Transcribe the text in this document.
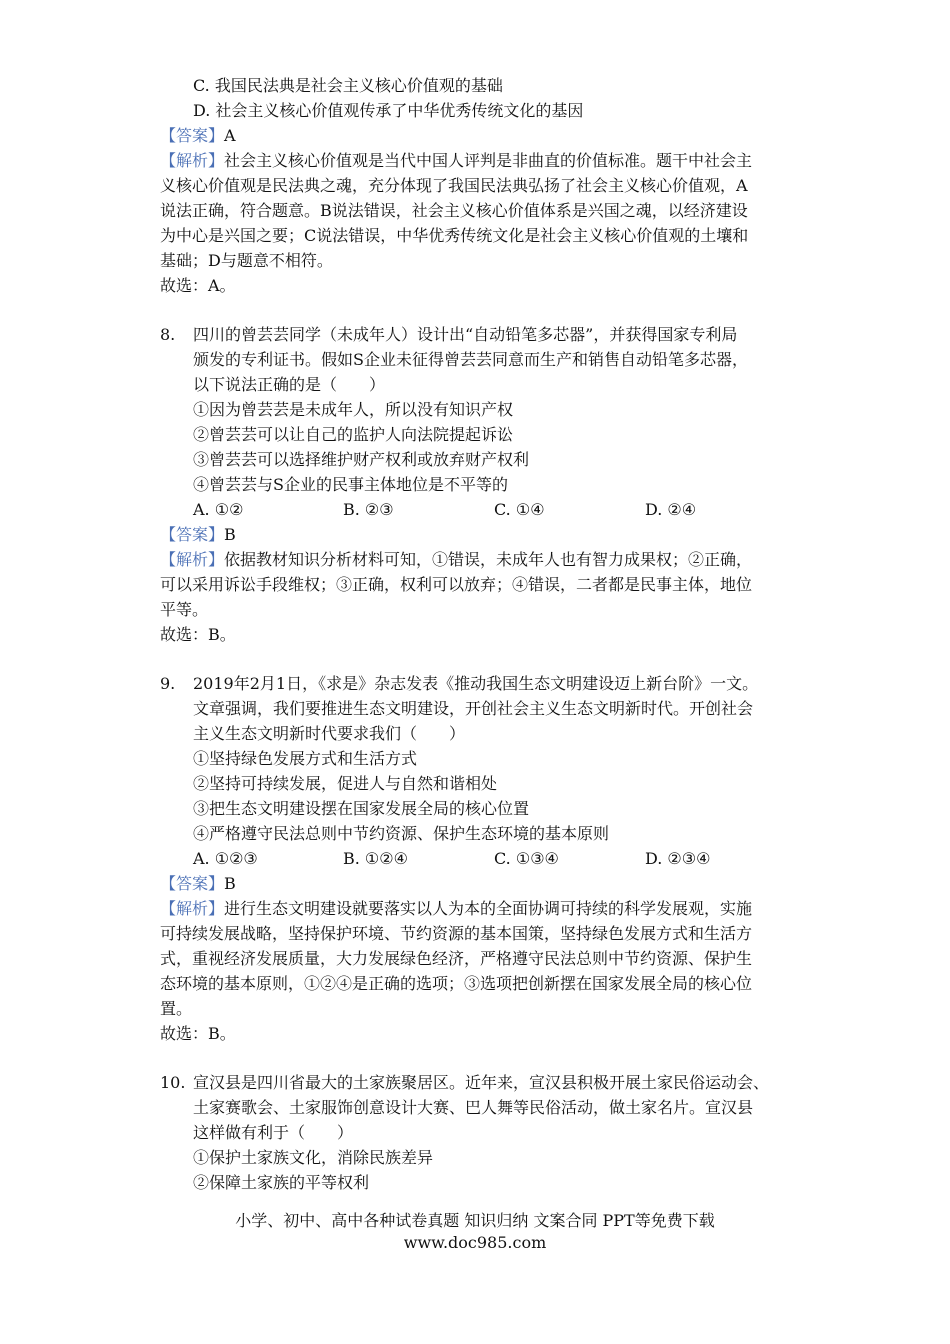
C. 我国民法典是社会主义核心价值观的基础
D. 社会主义核心价值观传承了中华优秀传统文化的基因
【答案】A
【解析】社会主义核心价值观是当代中国人评判是非曲直的价值标准。题干中社会主
义核心价值观是民法典之魂，充分体现了我国民法典弘扬了社会主义核心价值观，A
说法正确，符合题意。B说法错误，社会主义核心价值体系是兴国之魂，以经济建设
为中心是兴国之要；C说法错误，中华优秀传统文化是社会主义核心价值观的土壤和
基础；D与题意不相符。
故选：A。
8. 四川的曾芸芸同学（未成年人）设计出“自动铅笔多芯器”，并获得国家专利局
颁发的专利证书。假如S企业未征得曾芸芸同意而生产和销售自动铅笔多芯器，
以下说法正确的是（　　）
①因为曾芸芸是未成年人，所以没有知识产权
②曾芸芸可以让自己的监护人向法院提起诉讼
③曾芸芸可以选择维护财产权利或放弃财产权利
④曾芸芸与S企业的民事主体地位是不平等的
A. ①②	B. ②③	C. ①④	D. ②④
【答案】B
【解析】依据教材知识分析材料可知，①错误，未成年人也有智力成果权；②正确，
可以采用诉讼手段维权；③正确，权利可以放弃；④错误，二者都是民事主体，地位
平等。
故选：B。
9. 2019年2月1日，《求是》杂志发表《推动我国生态文明建设迈上新台阶》一文。
文章强调，我们要推进生态文明建设，开创社会主义生态文明新时代。开创社会
主义生态文明新时代要求我们（　　）
①坚持绿色发展方式和生活方式
②坚持可持续发展，促进人与自然和谐相处
③把生态文明建设摆在国家发展全局的核心位置
④严格遵守民法总则中节约资源、保护生态环境的基本原则
A. ①②③	B. ①②④	C. ①③④	D. ②③④
【答案】B
【解析】进行生态文明建设就要落实以人为本的全面协调可持续的科学发展观，实施
可持续发展战略，坚持保护环境、节约资源的基本国策，坚持绿色发展方式和生活方
式，重视经济发展质量，大力发展绿色经济，严格遵守民法总则中节约资源、保护生
态环境的基本原则，①②④是正确的选项；③选项把创新摆在国家发展全局的核心位
置。
故选：B。
10. 宣汉县是四川省最大的土家族聚居区。近年来，宣汉县积极开展土家民俗运动会、
土家赛歌会、土家服饰创意设计大赛、巴人舞等民俗活动，做土家名片。宣汉县
这样做有利于（　　）
①保护土家族文化，消除民族差异
②保障土家族的平等权利
小学、初中、高中各种试卷真题 知识归纳 文案合同 PPT等免费下载
www.doc985.com
